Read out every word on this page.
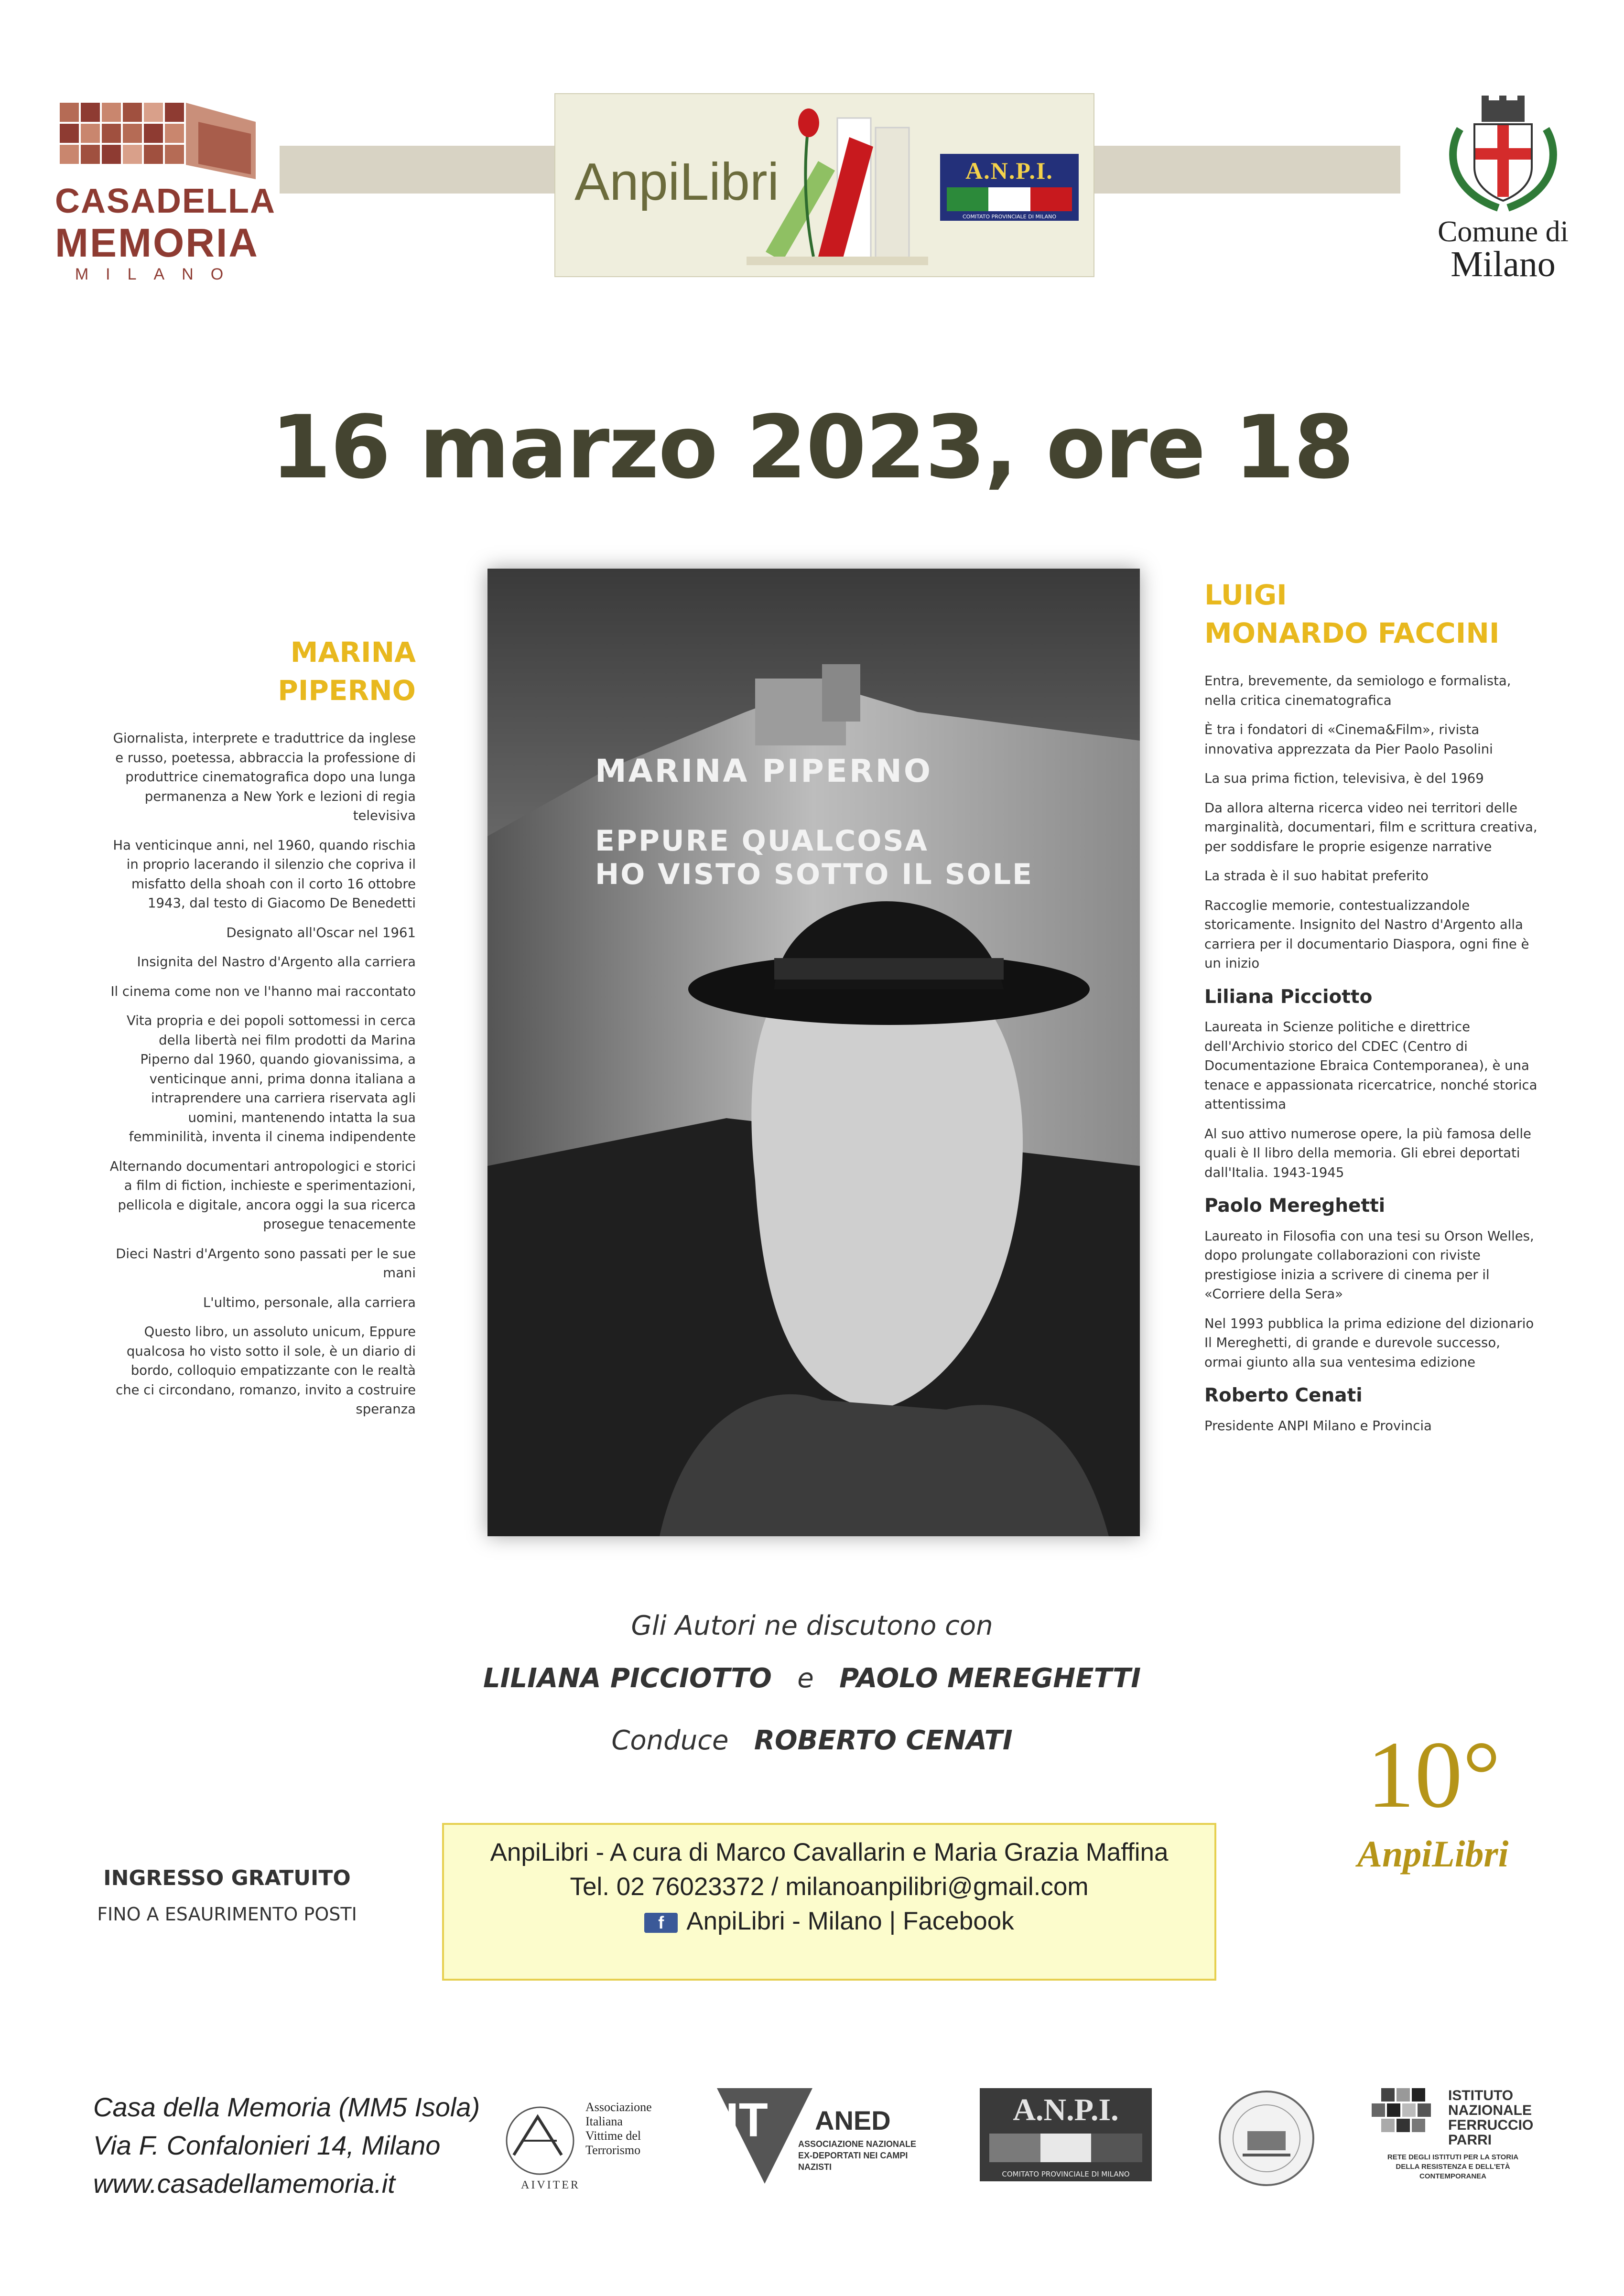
CASADELLA
MEMORIA
MILANO
AnpiLibri	A.N.P.I.
COMITATO PROVINCIALE DI MILANO	Comune di
Milano
16 marzo 2023, ore 18
MARINA
PIPERNO

Giornalista, interprete e traduttrice da inglese e russo, poetessa, abbraccia la professione di produttrice cinematografica dopo una lunga permanenza a New York e lezioni di regia televisiva

Ha venticinque anni, nel 1960, quando rischia in proprio lacerando il silenzio che copriva il misfatto della shoah con il corto 16 ottobre 1943, dal testo di Giacomo De Benedetti

Designato all'Oscar nel 1961

Insignita del Nastro d'Argento alla carriera

Il cinema come non ve l'hanno mai raccontato

Vita propria e dei popoli sottomessi in cerca della libertà nei film prodotti da Marina Piperno dal 1960, quando giovanissima, a venticinque anni, prima donna italiana a intraprendere una carriera riservata agli uomini, mantenendo intatta la sua femminilità, inventa il cinema indipendente

Alternando documentari antropologici e storici a film di fiction, inchieste e sperimentazioni, pellicola e digitale, ancora oggi la sua ricerca prosegue tenacemente

Dieci Nastri d'Argento sono passati per le sue mani

L'ultimo, personale, alla carriera

Questo libro, un assoluto unicum, Eppure qualcosa ho visto sotto il sole, è un diario di bordo, colloquio empatizzante con le realtà che ci circondano, romanzo, invito a costruire speranza

MARINA PIPERNO
EPPURE QUALCOSA
HO VISTO SOTTO IL SOLE
LUIGI
MONARDO FACCINI

Entra, brevemente, da semiologo e formalista, nella critica cinematografica

È tra i fondatori di «Cinema&Film», rivista innovativa apprezzata da Pier Paolo Pasolini

La sua prima fiction, televisiva, è del 1969

Da allora alterna ricerca video nei territori delle marginalità, documentari, film e scrittura creativa, per soddisfare le proprie esigenze narrative

La strada è il suo habitat preferito

Raccoglie memorie, contestualizzandole storicamente. Insignito del Nastro d'Argento alla carriera per il documentario Diaspora, ogni fine è un inizio

Liliana Picciotto

Laureata in Scienze politiche e direttrice dell'Archivio storico del CDEC (Centro di Documentazione Ebraica Contemporanea), è una tenace e appassionata ricercatrice, nonché storica attentissima

Al suo attivo numerose opere, la più famosa delle quali è Il libro della memoria. Gli ebrei deportati dall'Italia. 1943-1945

Paolo Mereghetti

Laureato in Filosofia con una tesi su Orson Welles, dopo prolungate collaborazioni con riviste prestigiose inizia a scrivere di cinema per il «Corriere della Sera»

Nel 1993 pubblica la prima edizione del dizionario Il Mereghetti, di grande e durevole successo, ormai giunto alla sua ventesima edizione

Roberto Cenati

Presidente ANPI Milano e Provincia

Gli Autori ne discutono con
LILIANA PICCIOTTO e PAOLO MEREGHETTI
Conduce ROBERTO CENATI
INGRESSO GRATUITO
FINO A ESAURIMENTO POSTI
AnpiLibri - A cura di Marco Cavallarin e Maria Grazia Maffina
Tel. 02 76023372 / milanoanpilibri@gmail.com
f AnpiLibri - Milano | Facebook
10°
AnpiLibri
Casa della Memoria (MM5 Isola)
Via F. Confalonieri 14, Milano
www.casadellamemoria.it
Associazione
Italiana
Vittime del
Terrorismo
AIVITER
IT ANED
ASSOCIAZIONE NAZIONALE
EX-DEPORTATI NEI CAMPI NAZISTI
A.N.P.I.
COMITATO PROVINCIALE DI MILANO
ISTITUTO
NAZIONALE
FERRUCCIO
PARRI
RETE DEGLI ISTITUTI PER LA STORIA
DELLA RESISTENZA E DELL'ETÀ
CONTEMPORANEA
